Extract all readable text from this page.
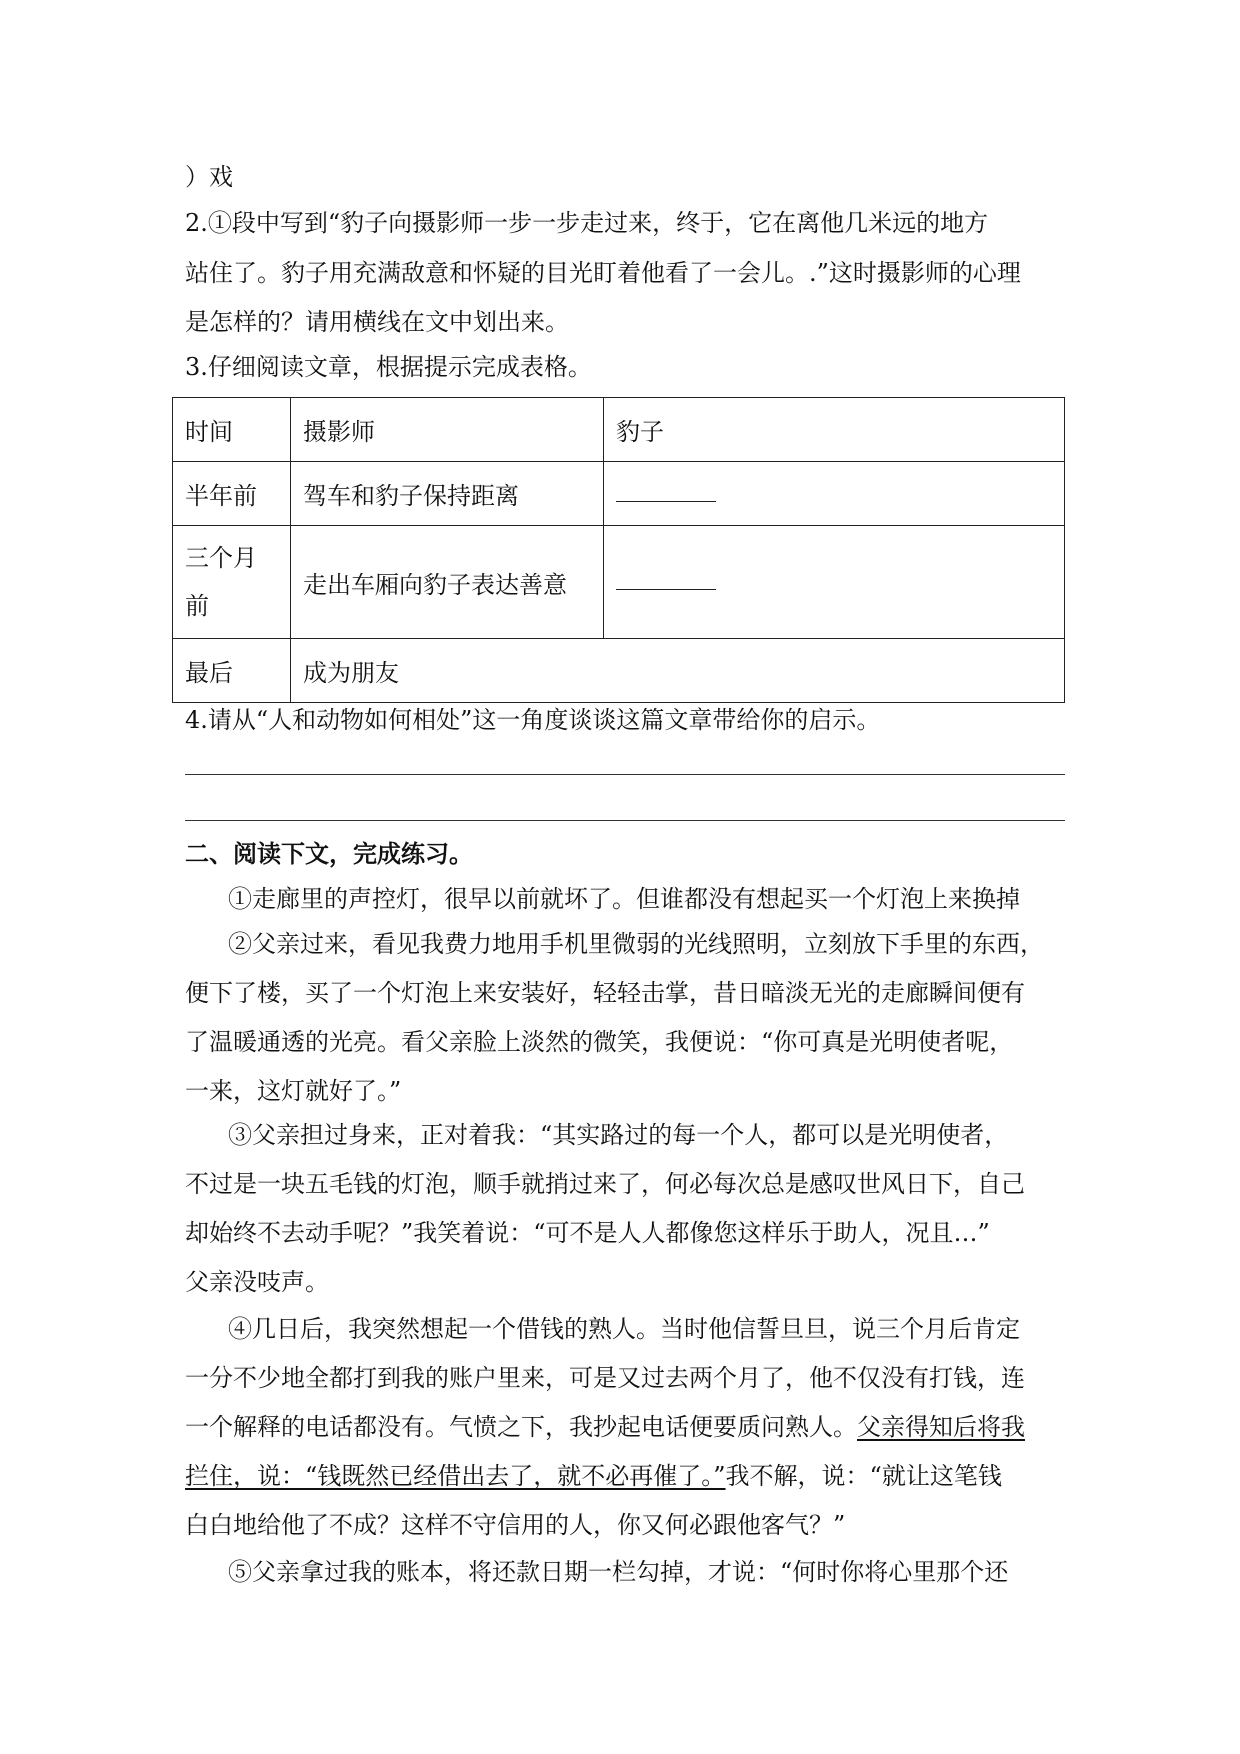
）戏
2.①段中写到“豹子向摄影师一步一步走过来，终于，它在离他几米远的地方
站住了。豹子用充满敌意和怀疑的目光盯着他看了一会儿。.”这时摄影师的心理
是怎样的？请用横线在文中划出来。
3.仔细阅读文章，根据提示完成表格。
时间	摄影师	豹子
半年前	驾车和豹子保持距离	
三个月前	走出车厢向豹子表达善意	
最后	成为朋友	
4.请从“人和动物如何相处”这一角度谈谈这篇文章带给你的启示。
二、阅读下文，完成练习。
①走廊里的声控灯，很早以前就坏了。但谁都没有想起买一个灯泡上来换掉
②父亲过来，看见我费力地用手机里微弱的光线照明，立刻放下手里的东西，
便下了楼，买了一个灯泡上来安装好，轻轻击掌，昔日暗淡无光的走廊瞬间便有
了温暖通透的光亮。看父亲脸上淡然的微笑，我便说：“你可真是光明使者呢，
一来，这灯就好了。”
③父亲担过身来，正对着我：“其实路过的每一个人，都可以是光明使者，
不过是一块五毛钱的灯泡，顺手就捎过来了，何必每次总是感叹世风日下，自己
却始终不去动手呢？”我笑着说：“可不是人人都像您这样乐于助人，况且…”
父亲没吱声。
④几日后，我突然想起一个借钱的熟人。当时他信誓旦旦，说三个月后肯定
一分不少地全都打到我的账户里来，可是又过去两个月了，他不仅没有打钱，连
一个解释的电话都没有。气愤之下，我抄起电话便要质问熟人。父亲得知后将我
拦住，说：“钱既然已经借出去了，就不必再催了。”我不解，说：“就让这笔钱
白白地给他了不成？这样不守信用的人，你又何必跟他客气？”
⑤父亲拿过我的账本，将还款日期一栏勾掉，才说：“何时你将心里那个还
